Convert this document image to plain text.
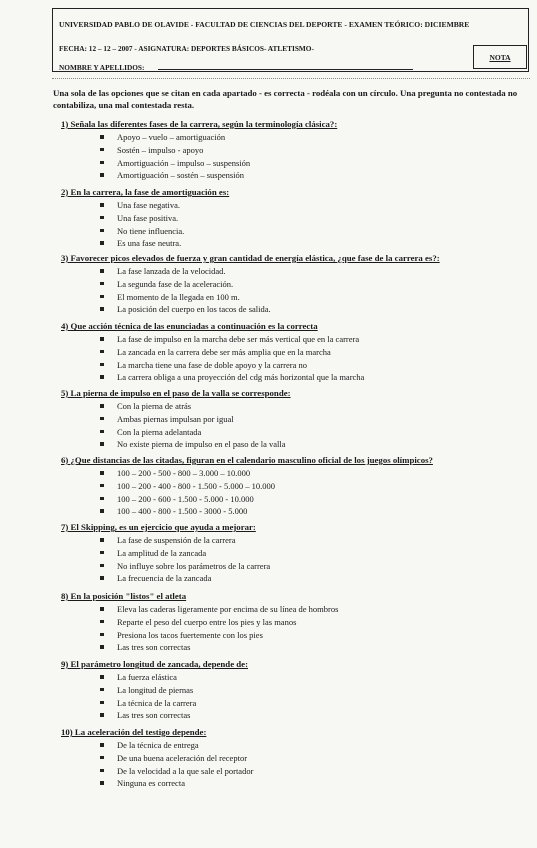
UNIVERSIDAD PABLO DE OLAVIDE - FACULTAD DE CIENCIAS DEL DEPORTE - EXAMEN TEÓRICO: DICIEMBRE
FECHA: 12 – 12 – 2007 - ASIGNATURA: DEPORTES BÁSICOS- ATLETISMO-
NOMBRE Y APELLIDOS:
NOTA
Una sola de las opciones que se citan en cada apartado - es correcta - rodéala con un círculo. Una pregunta no contestada no contabiliza, una mal contestada resta.
1) Señala las diferentes fases de la carrera, según la terminología clásica?:
Apoyo – vuelo – amortiguación
Sostén – impulso - apoyo
Amortiguación – impulso – suspensión
Amortiguación – sostén – suspensión
2) En la carrera, la fase de amortiguación es:
Una fase negativa.
Una fase positiva.
No tiene influencia.
Es una fase neutra.
3) Favorecer picos elevados de fuerza y gran cantidad de energía elástica, ¿que fase de la carrera es?:
La fase lanzada de la velocidad.
La segunda fase de la aceleración.
El momento de la llegada en 100 m.
La posición del cuerpo en los tacos de salida.
4) Que acción técnica de las enunciadas a continuación es la correcta
La fase de impulso en la marcha debe ser más vertical que en la carrera
La zancada en la carrera debe ser más amplia que en la marcha
La marcha tiene una fase de doble apoyo y la carrera no
La carrera obliga a una proyección del cdg más horizontal que la marcha
5) La pierna de impulso en el paso de la valla se corresponde:
Con la pierna de atrás
Ambas piernas impulsan por igual
Con la pierna adelantada
No existe pierna de impulso en el paso de la valla
6) ¿Que distancias de las citadas, figuran en el calendario masculino oficial de los juegos olímpicos?
100 – 200 - 500 - 800 – 3.000 – 10.000
100 – 200 - 400 - 800 - 1.500 - 5.000 – 10.000
100 – 200 - 600 - 1.500 - 5.000 - 10.000
100 – 400 - 800 - 1.500 - 3000 - 5.000
7) El Skipping, es un ejercicio que ayuda a mejorar:
La fase de suspensión de la carrera
La amplitud de la zancada
No influye sobre los parámetros de la carrera
La frecuencia de la zancada
8) En la posición "listos" el atleta
Eleva las caderas ligeramente por encima de su línea de hombros
Reparte el peso del cuerpo entre los pies y las manos
Presiona los tacos fuertemente con los pies
Las tres son correctas
9) El parámetro longitud de zancada, depende de:
La fuerza elástica
La longitud de piernas
La técnica de la carrera
Las tres son correctas
10) La aceleración del testigo depende:
De la técnica de entrega
De una buena aceleración del receptor
De la velocidad a la que sale el portador
Ninguna es correcta
